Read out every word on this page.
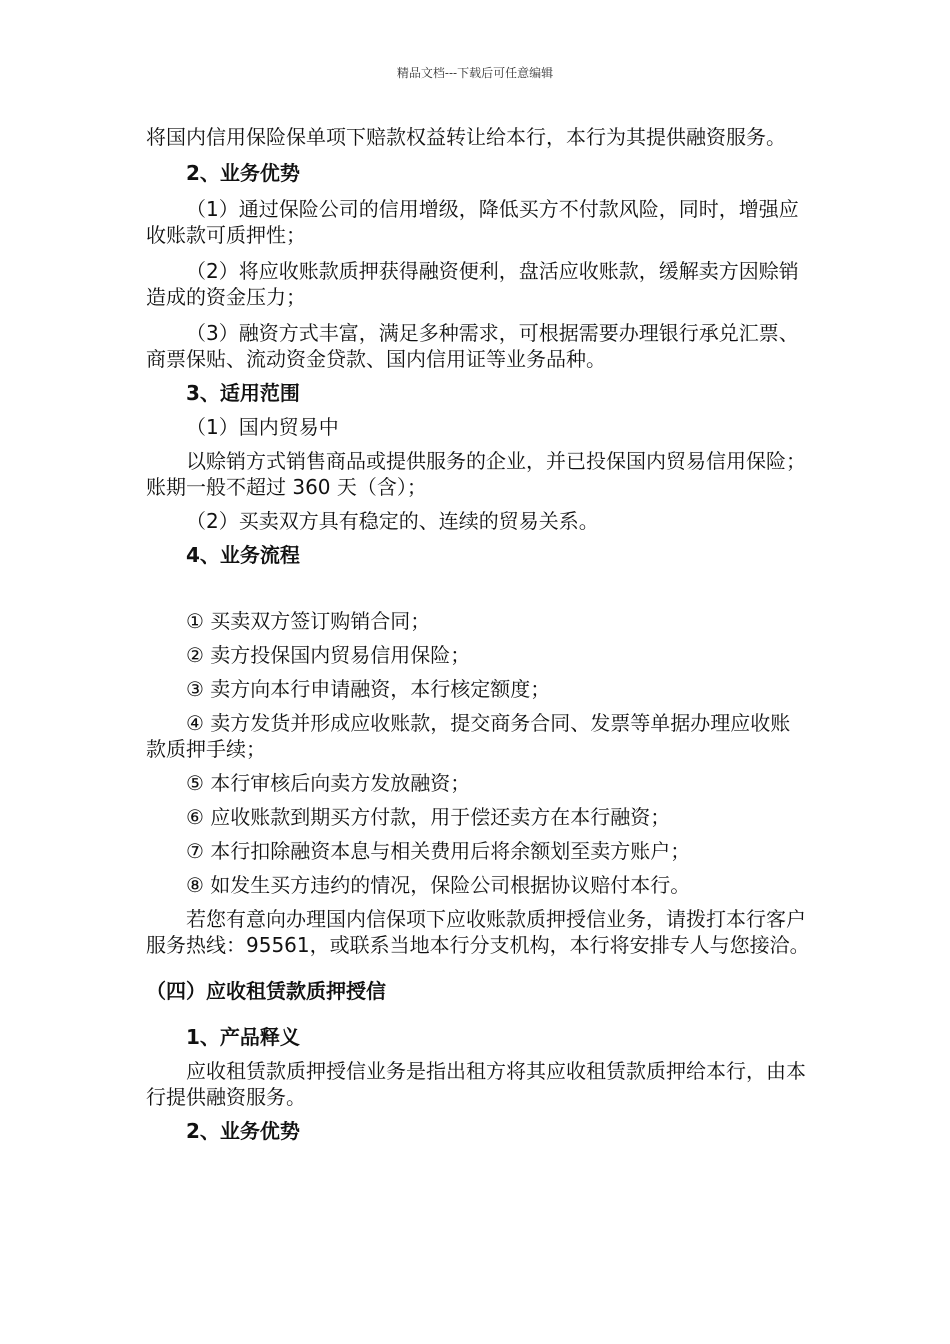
精品文档---下载后可任意编辑

将国内信用保险保单项下赔款权益转让给本行，本行为其提供融资服务。

2、业务优势

（1）通过保险公司的信用增级，降低买方不付款风险，同时，增强应收账款可质押性；

（2）将应收账款质押获得融资便利，盘活应收账款，缓解卖方因赊销造成的资金压力；

（3）融资方式丰富，满足多种需求，可根据需要办理银行承兑汇票、商票保贴、流动资金贷款、国内信用证等业务品种。

3、适用范围

（1）国内贸易中

以赊销方式销售商品或提供服务的企业，并已投保国内贸易信用保险；账期一般不超过 360 天（含）；

（2）买卖双方具有稳定的、连续的贸易关系。

4、业务流程

① 买卖双方签订购销合同；

② 卖方投保国内贸易信用保险；

③ 卖方向本行申请融资，本行核定额度；

④ 卖方发货并形成应收账款，提交商务合同、发票等单据办理应收账款质押手续；

⑤ 本行审核后向卖方发放融资；

⑥ 应收账款到期买方付款，用于偿还卖方在本行融资；

⑦ 本行扣除融资本息与相关费用后将余额划至卖方账户；

⑧ 如发生买方违约的情况，保险公司根据协议赔付本行。

若您有意向办理国内信保项下应收账款质押授信业务，请拨打本行客户服务热线：95561，或联系当地本行分支机构，本行将安排专人与您接洽。

（四）应收租赁款质押授信

1、产品释义

应收租赁款质押授信业务是指出租方将其应收租赁款质押给本行，由本行提供融资服务。

2、业务优势
